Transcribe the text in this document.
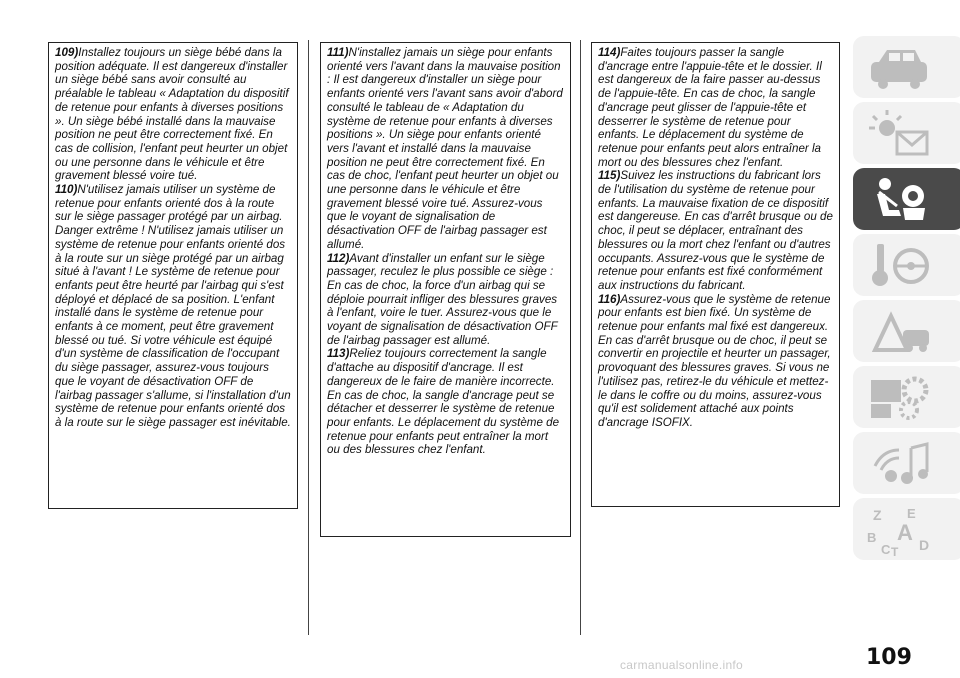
109)Installez toujours un siège bébé dans la position adéquate. Il est dangereux d'installer un siège bébé sans avoir consulté au préalable le tableau « Adaptation du dispositif de retenue pour enfants à diverses positions ». Un siège bébé installé dans la mauvaise position ne peut être correctement fixé. En cas de collision, l'enfant peut heurter un objet ou une personne dans le véhicule et être gravement blessé voire tué.

110)N'utilisez jamais utiliser un système de retenue pour enfants orienté dos à la route sur le siège passager protégé par un airbag. Danger extrême ! N'utilisez jamais utiliser un système de retenue pour enfants orienté dos à la route sur un siège protégé par un airbag situé à l'avant ! Le système de retenue pour enfants peut être heurté par l'airbag qui s'est déployé et déplacé de sa position. L'enfant installé dans le système de retenue pour enfants à ce moment, peut être gravement blessé ou tué. Si votre véhicule est équipé d'un système de classification de l'occupant du siège passager, assurez-vous toujours que le voyant de désactivation OFF de l'airbag passager s'allume, si l'installation d'un système de retenue pour enfants orienté dos à la route sur le siège passager est inévitable.

111)N'installez jamais un siège pour enfants orienté vers l'avant dans la mauvaise position : Il est dangereux d'installer un siège pour enfants orienté vers l'avant sans avoir d'abord consulté le tableau de « Adaptation du système de retenue pour enfants à diverses positions ». Un siège pour enfants orienté vers l'avant et installé dans la mauvaise position ne peut être correctement fixé. En cas de choc, l'enfant peut heurter un objet ou une personne dans le véhicule et être gravement blessé voire tué. Assurez-vous que le voyant de signalisation de désactivation OFF de l'airbag passager est allumé.

112)Avant d'installer un enfant sur le siège passager, reculez le plus possible ce siège : En cas de choc, la force d'un airbag qui se déploie pourrait infliger des blessures graves à l'enfant, voire le tuer. Assurez-vous que le voyant de signalisation de désactivation OFF de l'airbag passager est allumé.

113)Reliez toujours correctement la sangle d'attache au dispositif d'ancrage. Il est dangereux de le faire de manière incorrecte. En cas de choc, la sangle d'ancrage peut se détacher et desserrer le système de retenue pour enfants. Le déplacement du système de retenue pour enfants peut entraîner la mort ou des blessures chez l'enfant.

114)Faites toujours passer la sangle d'ancrage entre l'appuie-tête et le dossier. Il est dangereux de la faire passer au-dessus de l'appuie-tête. En cas de choc, la sangle d'ancrage peut glisser de l'appuie-tête et desserrer le système de retenue pour enfants. Le déplacement du système de retenue pour enfants peut alors entraîner la mort ou des blessures chez l'enfant.

115)Suivez les instructions du fabricant lors de l'utilisation du système de retenue pour enfants. La mauvaise fixation de ce dispositif est dangereuse. En cas d'arrêt brusque ou de choc, il peut se déplacer, entraînant des blessures ou la mort chez l'enfant ou d'autres occupants. Assurez-vous que le système de retenue pour enfants est fixé conformément aux instructions du fabricant.

116)Assurez-vous que le système de retenue pour enfants est bien fixé. Un système de retenue pour enfants mal fixé est dangereux. En cas d'arrêt brusque ou de choc, il peut se convertir en projectile et heurter un passager, provoquant des blessures graves. Si vous ne l'utilisez pas, retirez-le du véhicule et mettez-le dans le coffre ou du moins, assurez-vous qu'il est solidement attaché aux points d'ancrage ISOFIX.

Z E
B A
C T D
109
carmanualsonline.info
